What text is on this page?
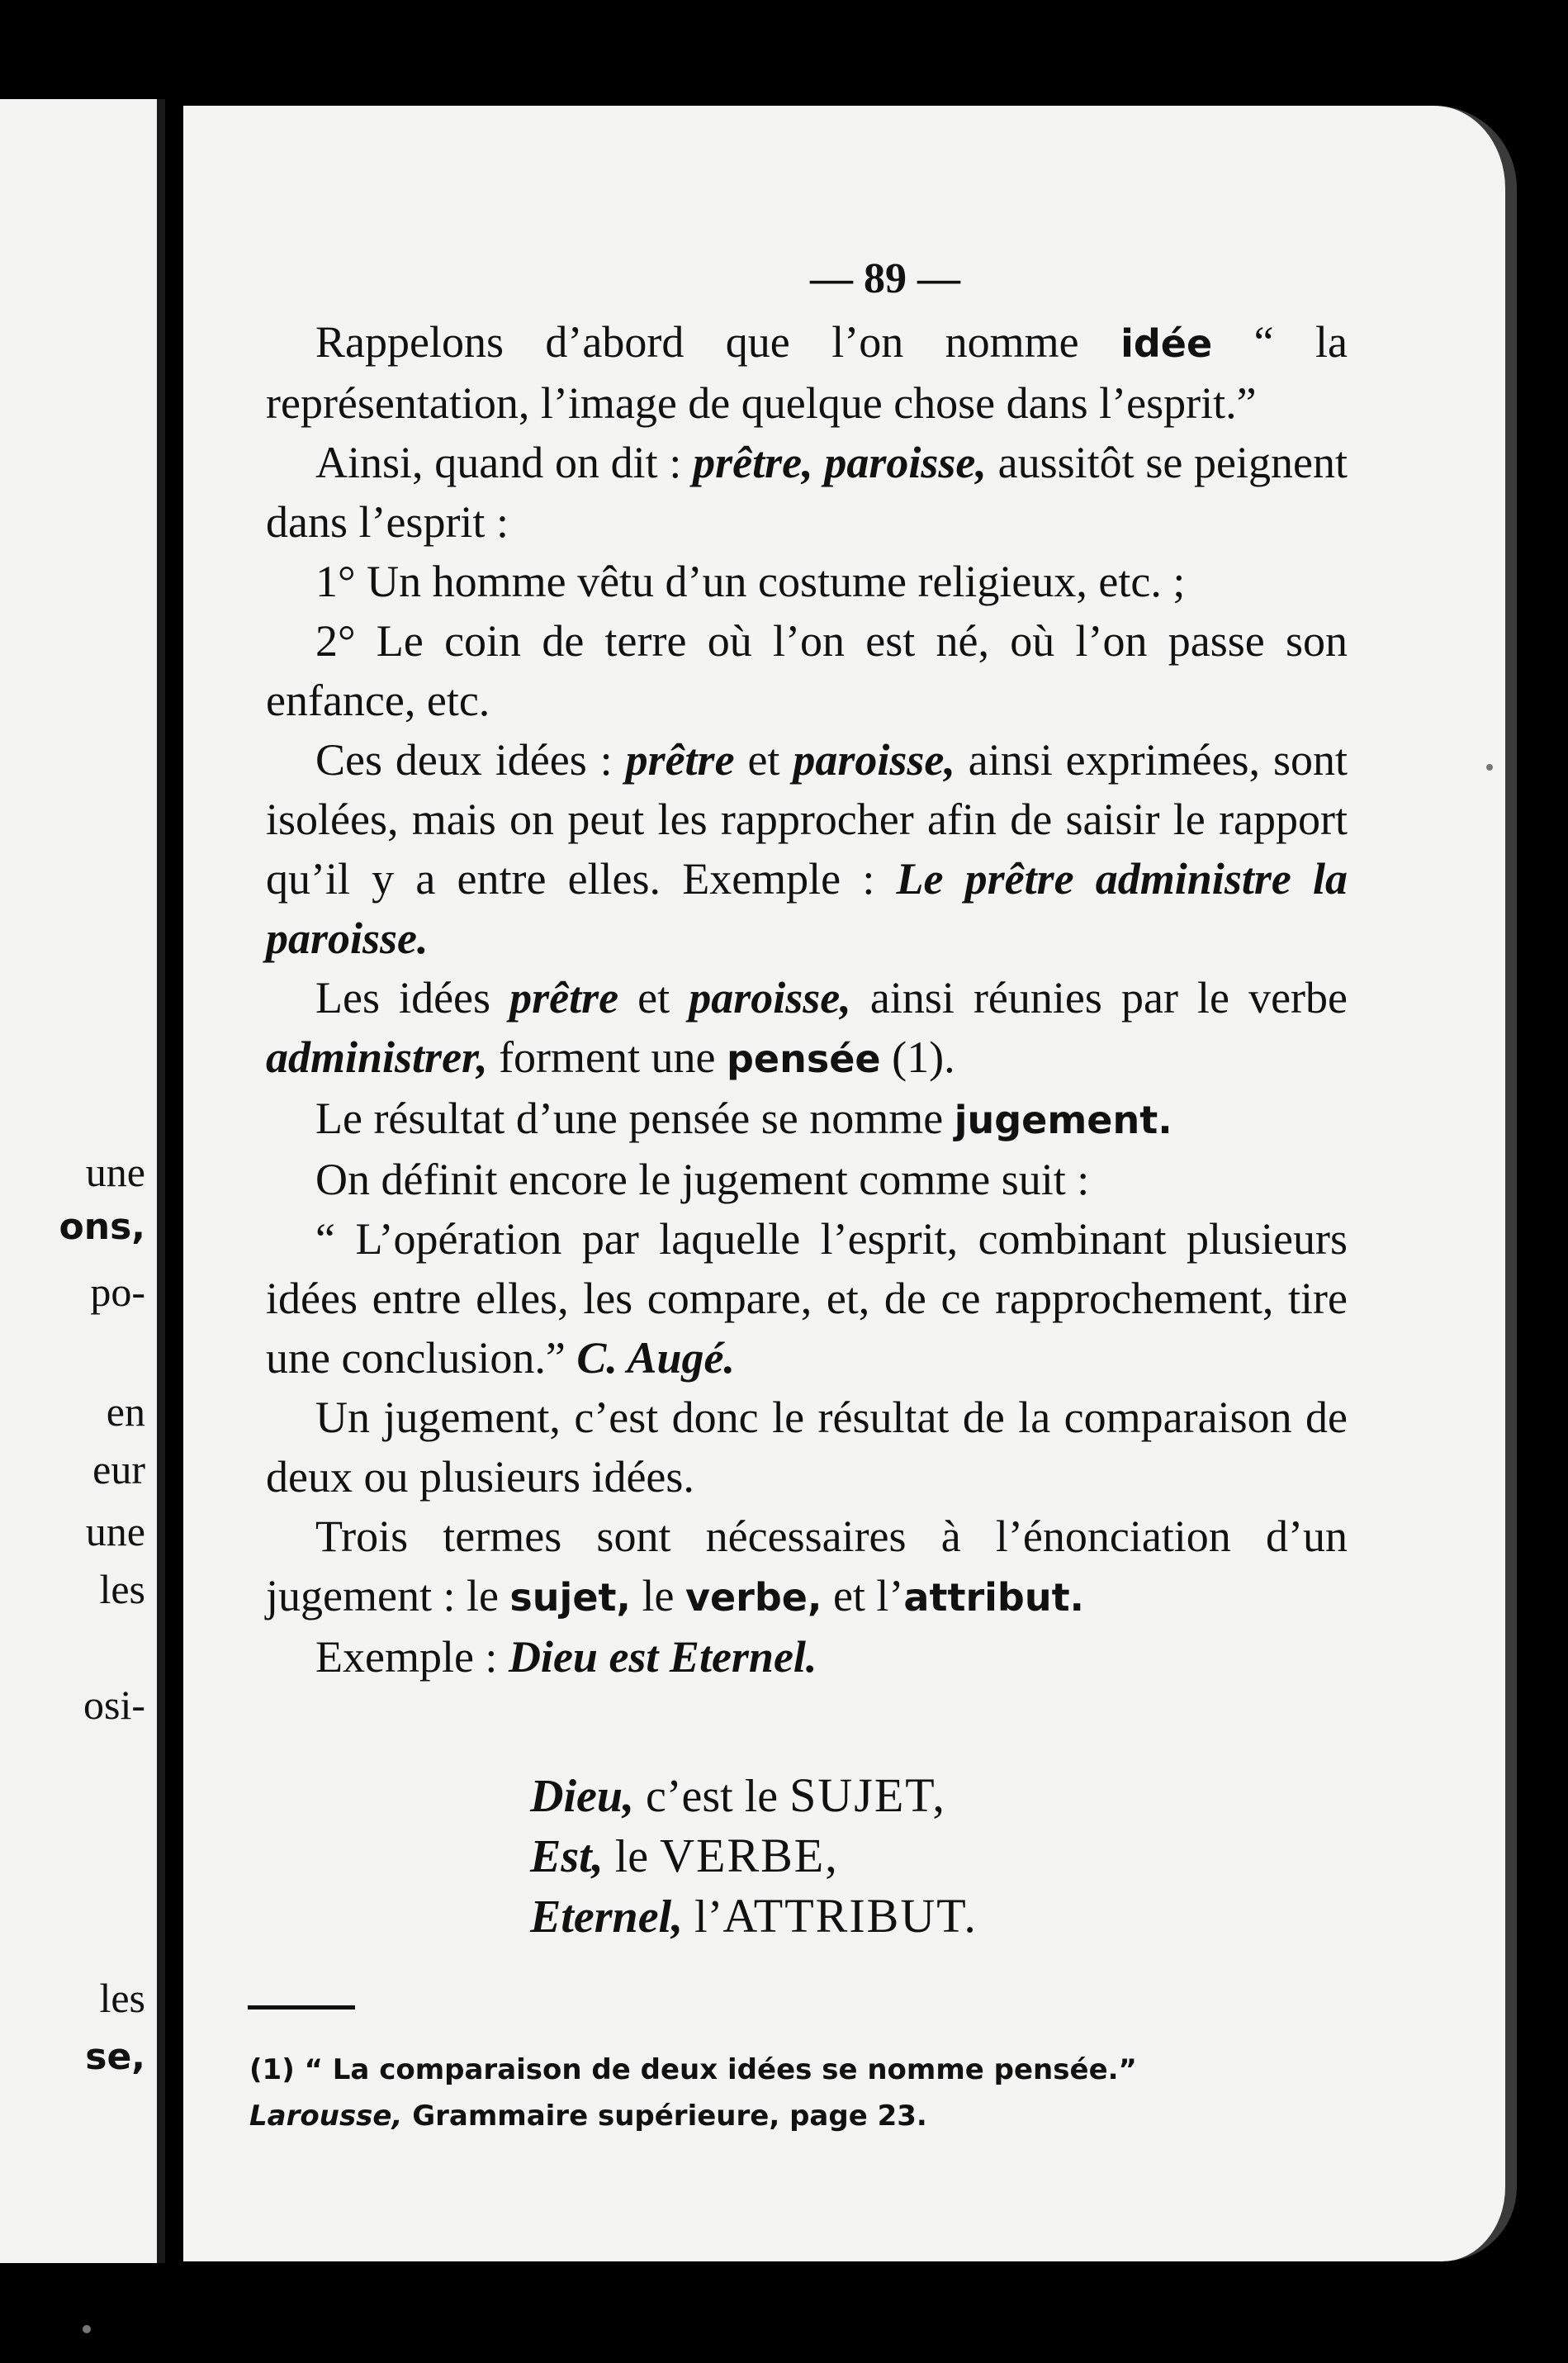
une
ons,
po-
en
eur
une
les
osi-
les
se,
— 89 —

Rappelons d’abord que l’on nomme idée “ la représentation, l’image de quelque chose dans l’esprit.”

Ainsi, quand on dit : prêtre, paroisse, aussitôt se peignent dans l’esprit :

1° Un homme vêtu d’un costume religieux, etc. ;

2° Le coin de terre où l’on est né, où l’on passe son enfance, etc.

Ces deux idées : prêtre et paroisse, ainsi exprimées, sont isolées, mais on peut les rapprocher afin de saisir le rapport qu’il y a entre elles. Exemple : Le prêtre administre la paroisse.

Les idées prêtre et paroisse, ainsi réunies par le verbe administrer, forment une pensée (1).

Le résultat d’une pensée se nomme jugement.

On définit encore le jugement comme suit :

“ L’opération par laquelle l’esprit, combinant plusieurs idées entre elles, les compare, et, de ce rapprochement, tire une conclusion.” C. Augé.

Un jugement, c’est donc le résultat de la comparaison de deux ou plusieurs idées.

Trois termes sont nécessaires à l’énonciation d’un jugement : le sujet, le verbe, et l’attribut.

Exemple : Dieu est Eternel.

Dieu, c’est le SUJET,
Est, le VERBE,
Eternel, l’ATTRIBUT.
(1) “ La comparaison de deux idées se nomme pensée.”
Larousse, Grammaire supérieure, page 23.
